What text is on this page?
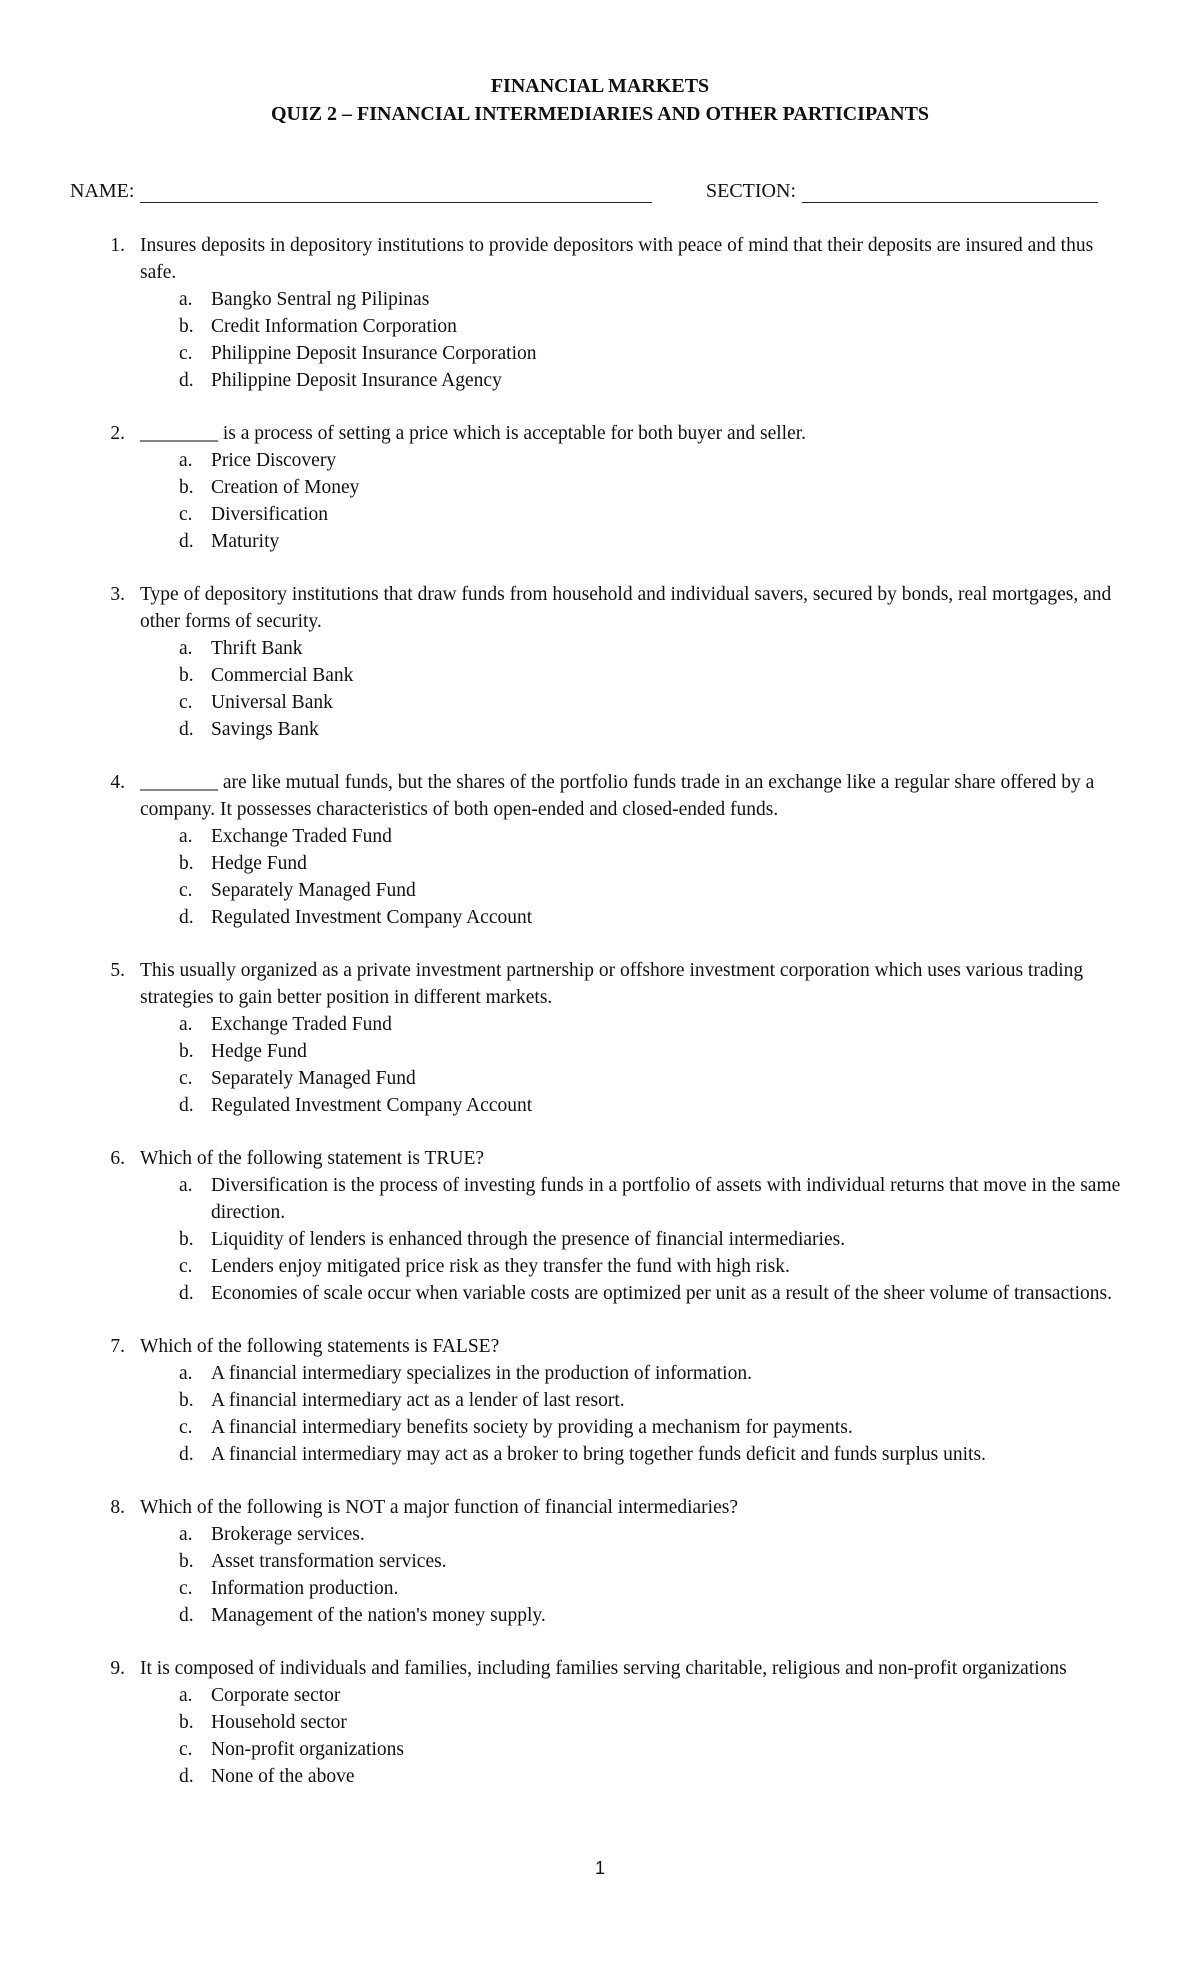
FINANCIAL MARKETS
QUIZ 2 – FINANCIAL INTERMEDIARIES AND OTHER PARTICIPANTS
NAME:	SECTION:
1. Insures deposits in depository institutions to provide depositors with peace of mind that their deposits are insured and thus safe.
a. Bangko Sentral ng Pilipinas
b. Credit Information Corporation
c. Philippine Deposit Insurance Corporation
d. Philippine Deposit Insurance Agency
2. ________ is a process of setting a price which is acceptable for both buyer and seller.
a. Price Discovery
b. Creation of Money
c. Diversification
d. Maturity
3. Type of depository institutions that draw funds from household and individual savers, secured by bonds, real mortgages, and other forms of security.
a. Thrift Bank
b. Commercial Bank
c. Universal Bank
d. Savings Bank
4. ________ are like mutual funds, but the shares of the portfolio funds trade in an exchange like a regular share offered by a company. It possesses characteristics of both open-ended and closed-ended funds.
a. Exchange Traded Fund
b. Hedge Fund
c. Separately Managed Fund
d. Regulated Investment Company Account
5. This usually organized as a private investment partnership or offshore investment corporation which uses various trading strategies to gain better position in different markets.
a. Exchange Traded Fund
b. Hedge Fund
c. Separately Managed Fund
d. Regulated Investment Company Account
6. Which of the following statement is TRUE?
a. Diversification is the process of investing funds in a portfolio of assets with individual returns that move in the same direction.
b. Liquidity of lenders is enhanced through the presence of financial intermediaries.
c. Lenders enjoy mitigated price risk as they transfer the fund with high risk.
d. Economies of scale occur when variable costs are optimized per unit as a result of the sheer volume of transactions.
7. Which of the following statements is FALSE?
a. A financial intermediary specializes in the production of information.
b. A financial intermediary act as a lender of last resort.
c. A financial intermediary benefits society by providing a mechanism for payments.
d. A financial intermediary may act as a broker to bring together funds deficit and funds surplus units.
8. Which of the following is NOT a major function of financial intermediaries?
a. Brokerage services.
b. Asset transformation services.
c. Information production.
d. Management of the nation's money supply.
9. It is composed of individuals and families, including families serving charitable, religious and non-profit organizations
a. Corporate sector
b. Household sector
c. Non-profit organizations
d. None of the above
1
